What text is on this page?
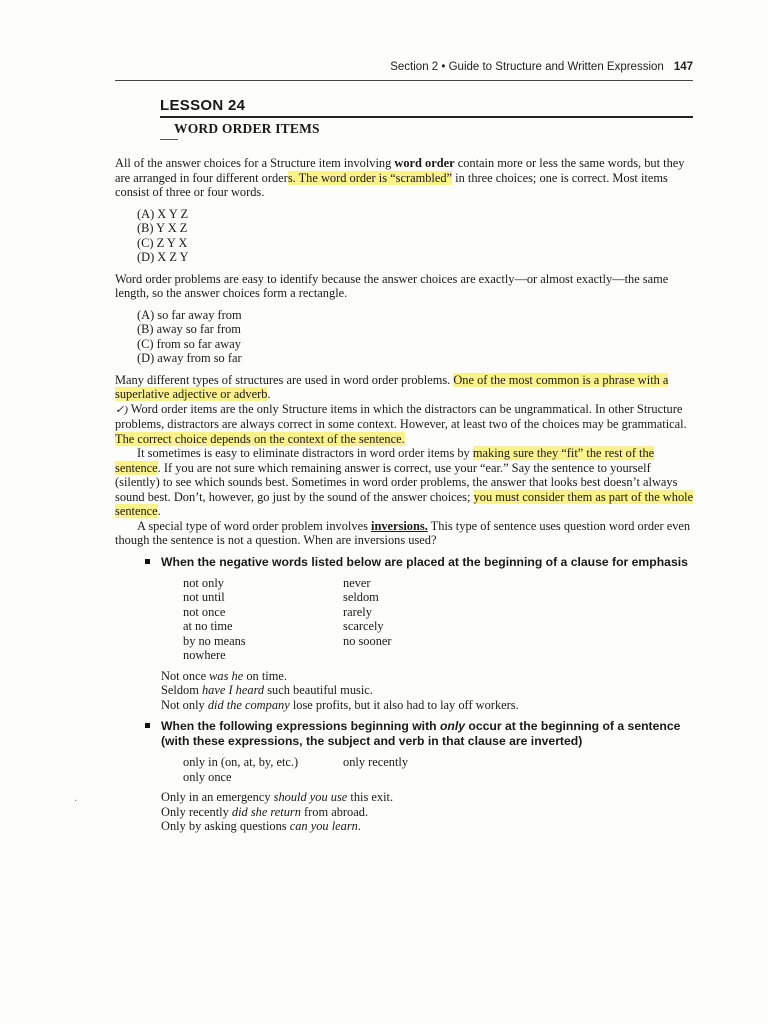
Section 2 • Guide to Structure and Written Expression 147
LESSON 24
WORD ORDER ITEMS

All of the answer choices for a Structure item involving word order contain more or less the same words, but they are arranged in four different orders. The word order is “scrambled” in three choices; one is correct. Most items consist of three or four words.

(A) X Y Z
(B) Y X Z
(C) Z Y X
(D) X Z Y

Word order problems are easy to identify because the answer choices are exactly—or almost exactly—the same length, so the answer choices form a rectangle.

(A) so far away from
(B) away so far from
(C) from so far away
(D) away from so far

Many different types of structures are used in word order problems. One of the most common is a phrase with a superlative adjective or adverb.

✓) Word order items are the only Structure items in which the distractors can be ungrammatical. In other Structure problems, distractors are always correct in some context. However, at least two of the choices may be grammatical. The correct choice depends on the context of the sentence.

It sometimes is easy to eliminate distractors in word order items by making sure they “fit” the rest of the sentence. If you are not sure which remaining answer is correct, use your “ear.” Say the sentence to yourself (silently) to see which sounds best. Sometimes in word order problems, the answer that looks best doesn’t always sound best. Don’t, however, go just by the sound of the answer choices; you must consider them as part of the whole sentence.

A special type of word order problem involves inversions. This type of sentence uses question word order even though the sentence is not a question. When are inversions used?

When the negative words listed below are placed at the beginning of a clause for emphasis
not only
not until
not once
at no time
by no means
nowhere
never
seldom
rarely
scarcely
no sooner
Not once was he on time.
Seldom have I heard such beautiful music.
Not only did the company lose profits, but it also had to lay off workers.
When the following expressions beginning with only occur at the beginning of a sentence (with these expressions, the subject and verb in that clause are inverted)
only in (on, at, by, etc.)
only once
only recently
Only in an emergency should you use this exit.
Only recently did she return from abroad.
Only by asking questions can you learn.
·
